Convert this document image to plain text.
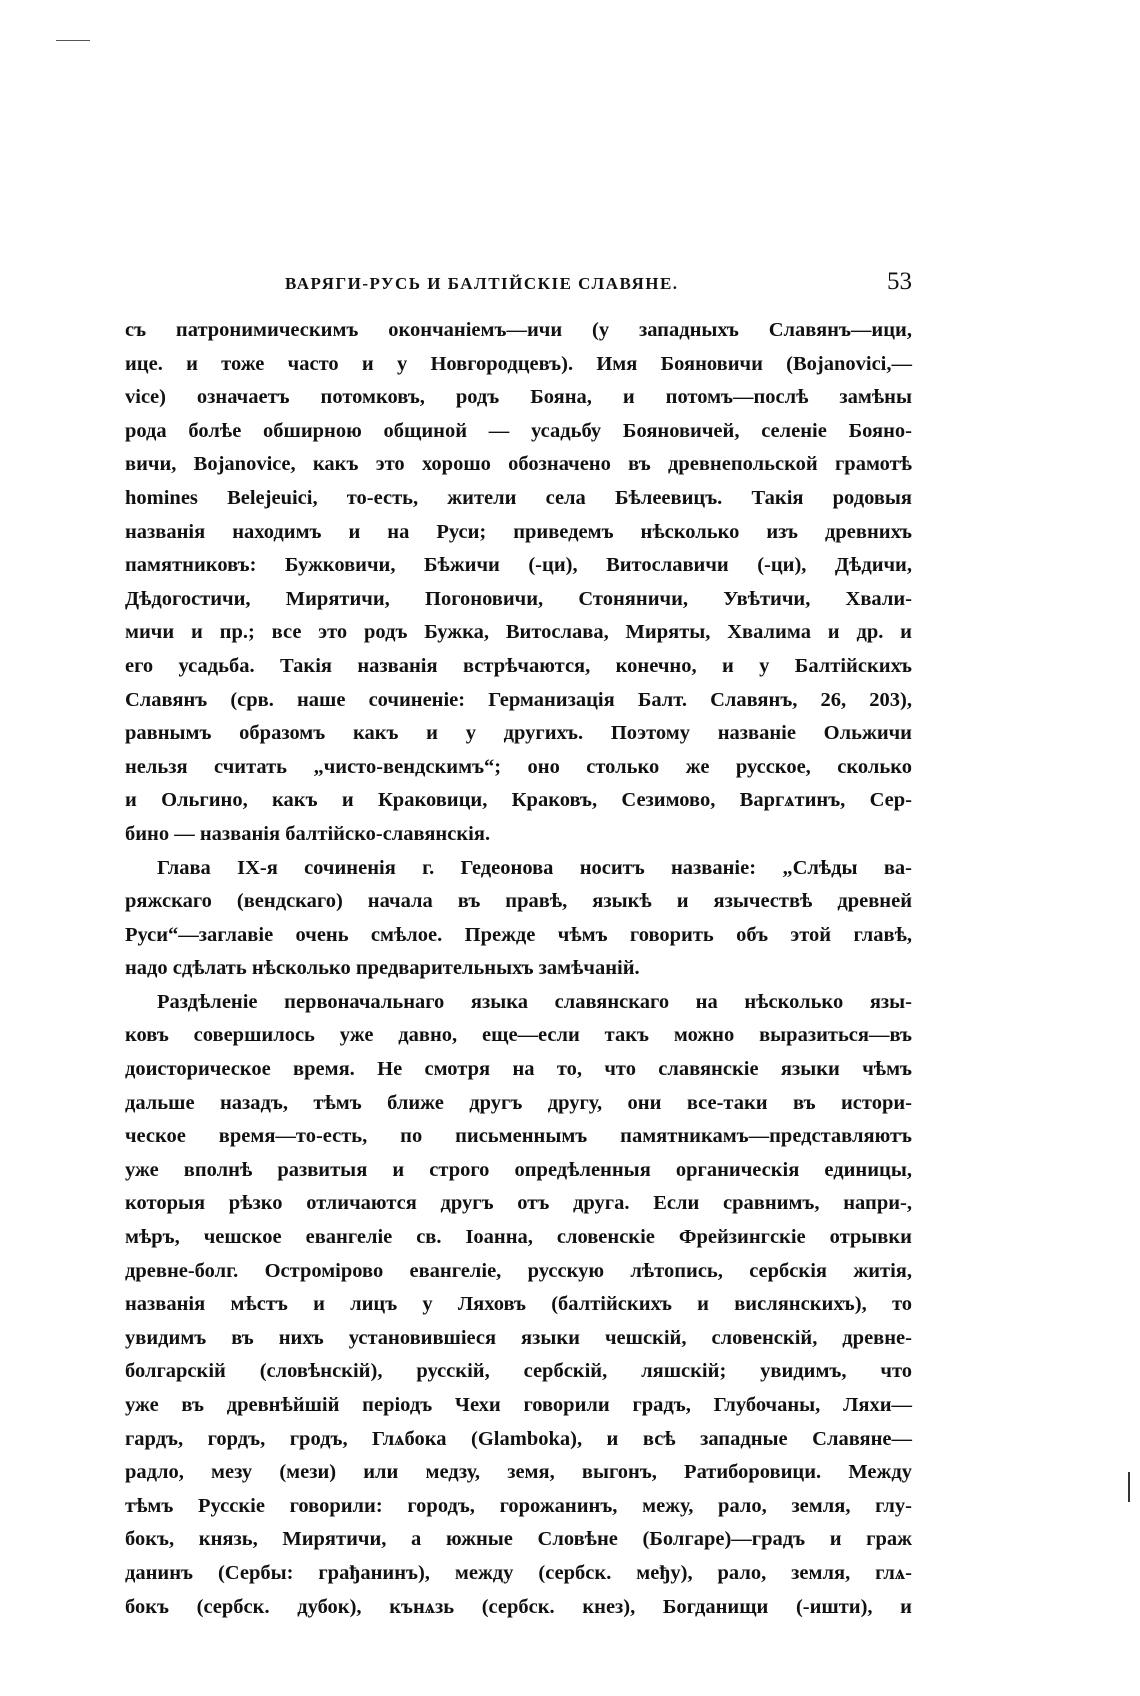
ВАРЯГИ-РУСЬ И БАЛТІЙСКІЕ СЛАВЯНЕ.	53
съ патронимическимъ окончаніемъ—ичи (у западныхъ Славянъ—ици,
ице. и тоже часто и у Новгородцевъ). Имя Бояновичи (Bojanovici,—
vice) означаетъ потомковъ, родъ Бояна, и потомъ—послѣ замѣны
рода болѣе обширною общиной — усадьбу Бояновичей, селеніе Бояно-
вичи, Bojanovice, какъ это хорошо обозначено въ древнепольской грамотѣ
homines Belejeuici, то-есть, жители села Бѣлеевицъ. Такія родовыя
названія находимъ и на Руси; приведемъ нѣсколько изъ древнихъ
памятниковъ: Бужковичи, Бѣжичи (-ци), Витославичи (-ци), Дѣдичи,
Дѣдогостичи, Мирятичи, Погоновичи, Стоняничи, Увѣтичи, Хвали-
мичи и пр.; все это родъ Бужка, Витослава, Миряты, Хвалима и др. и
его усадьба. Такія названія встрѣчаются, конечно, и у Балтійскихъ
Славянъ (срв. наше сочиненіе: Германизація Балт. Славянъ, 26, 203),
равнымъ образомъ какъ и у другихъ. Поэтому названіе Ольжичи
нельзя считать „чисто-вендскимъ“; оно столько же русское, сколько
и Ольгино, какъ и Краковици, Краковъ, Сезимово, Варгѧтинъ, Сер-
бино — названія балтійско-славянскія.
Глава IX-я сочиненія г. Гедеонова носитъ названіе: „Слѣды ва-
ряжскаго (вендскаго) начала въ правѣ, языкѣ и язычествѣ древней
Руси“—заглавіе очень смѣлое. Прежде чѣмъ говорить объ этой главѣ,
надо сдѣлать нѣсколько предварительныхъ замѣчаній.
Раздѣленіе первоначальнаго языка славянскаго на нѣсколько язы-
ковъ совершилось уже давно, еще—если такъ можно выразиться—въ
доисторическое время. Не смотря на то, что славянскіе языки чѣмъ
дальше назадъ, тѣмъ ближе другъ другу, они все-таки въ истори-
ческое время—то-есть, по письменнымъ памятникамъ—представляютъ
уже вполнѣ развитыя и строго опредѣленныя органическія единицы,
которыя рѣзко отличаются другъ отъ друга. Если сравнимъ, напри-,
мѣръ, чешское евангеліе св. Іоанна, словенскіе Фрейзингскіе отрывки
древне-болг. Остромірово евангеліе, русскую лѣтопись, сербскія житія,
названія мѣстъ и лицъ у Ляховъ (балтійскихъ и вислянскихъ), то
увидимъ въ нихъ установившіеся языки чешскій, словенскій, древне-
болгарскій (словѣнскій), русскій, сербскій, ляшскій; увидимъ, что
уже въ древнѣйшій періодъ Чехи говорили градъ, Глубочаны, Ляхи—
гардъ, гордъ, гродъ, Глѧбока (Glambokа), и всѣ западные Славяне—
радло, мезу (мези) или медзу, земя, выгонъ, Ратиборовици. Между
тѣмъ Русскіе говорили: городъ, горожанинъ, межу, рало, земля, глу-
бокъ, князь, Мирятичи, а южные Словѣне (Болгаре)—градъ и граж
данинъ (Сербы: грађанинъ), между (сербск. међу), рало, земля, глѧ-
бокъ (сербск. дубок), кънѧзь (сербск. кнез), Богданищи (-ишти), и
